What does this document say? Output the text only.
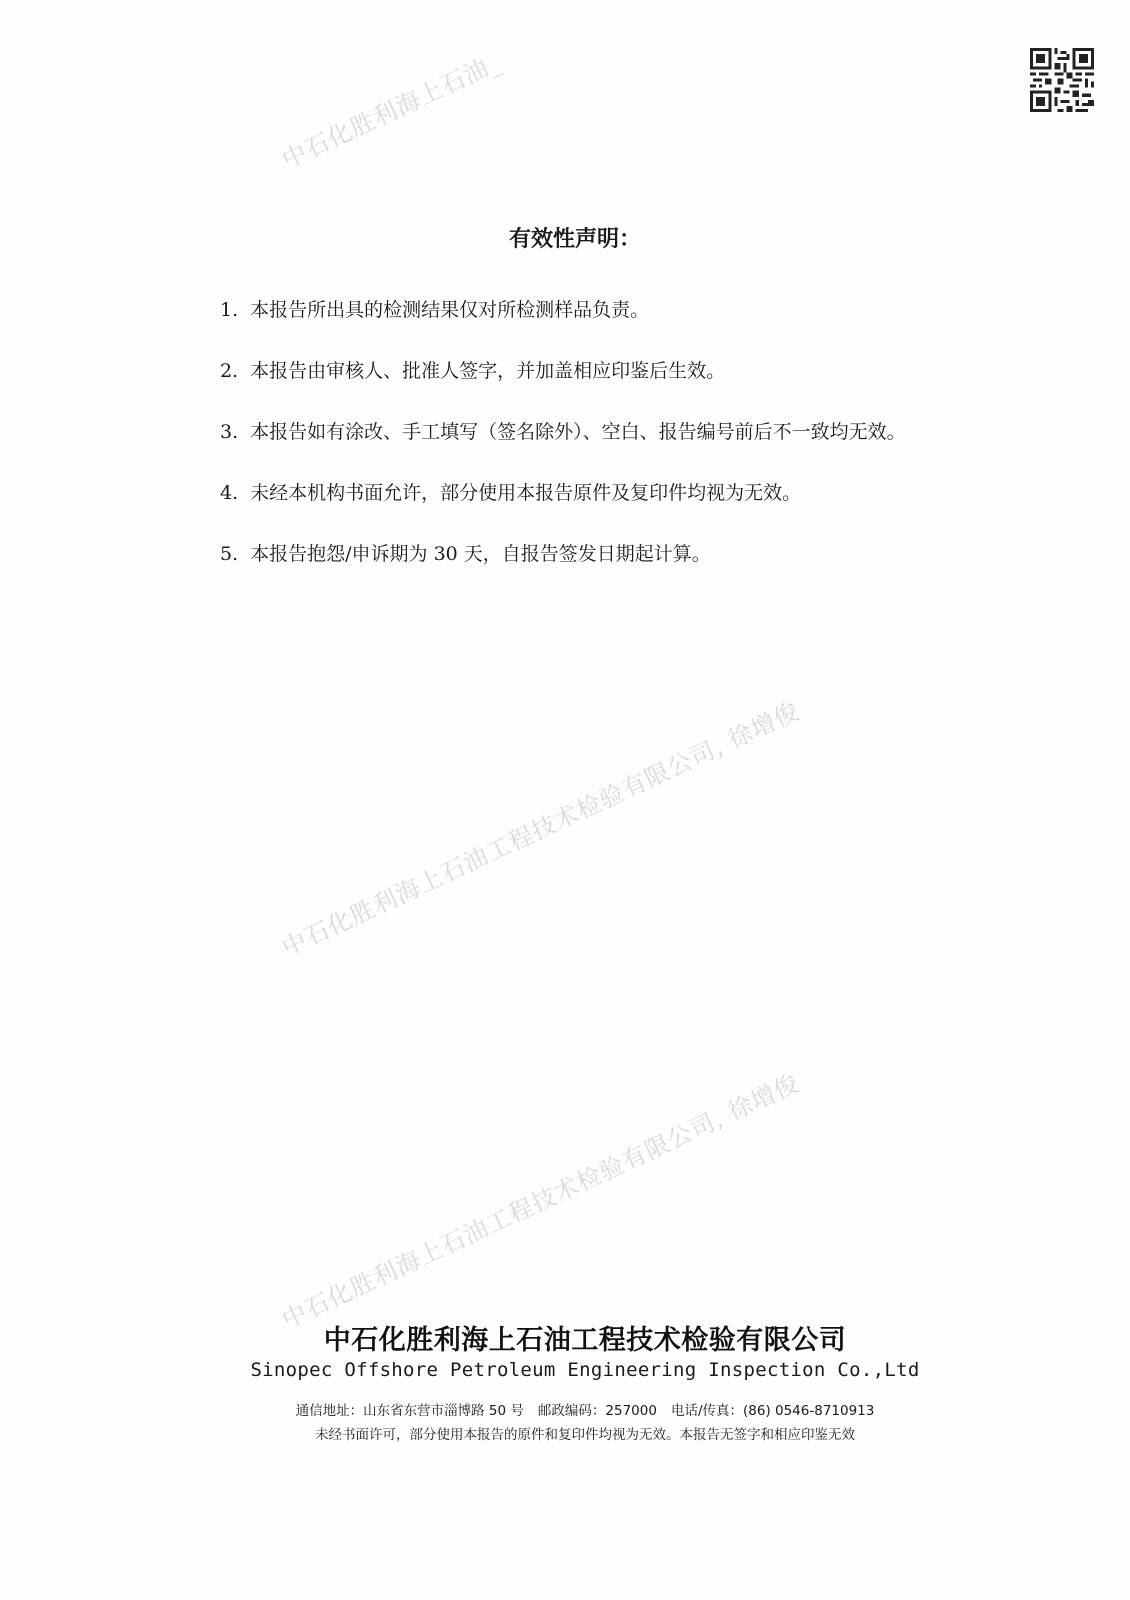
中石化胜利海上石油_
中石化胜利海上石油工程技术检验有限公司, 徐增俊
中石化胜利海上石油工程技术检验有限公司, 徐增俊
有效性声明：
1. 本报告所出具的检测结果仅对所检测样品负责。
2. 本报告由审核人、批准人签字，并加盖相应印鉴后生效。
3. 本报告如有涂改、手工填写（签名除外）、空白、报告编号前后不一致均无效。
4. 未经本机构书面允许，部分使用本报告原件及复印件均视为无效。
5. 本报告抱怨/申诉期为 30 天，自报告签发日期起计算。
中石化胜利海上石油工程技术检验有限公司
Sinopec Offshore Petroleum Engineering Inspection Co.,Ltd
通信地址：山东省东营市淄博路 50 号 邮政编码：257000 电话/传真：(86) 0546-8710913
未经书面许可，部分使用本报告的原件和复印件均视为无效。本报告无签字和相应印鉴无效
